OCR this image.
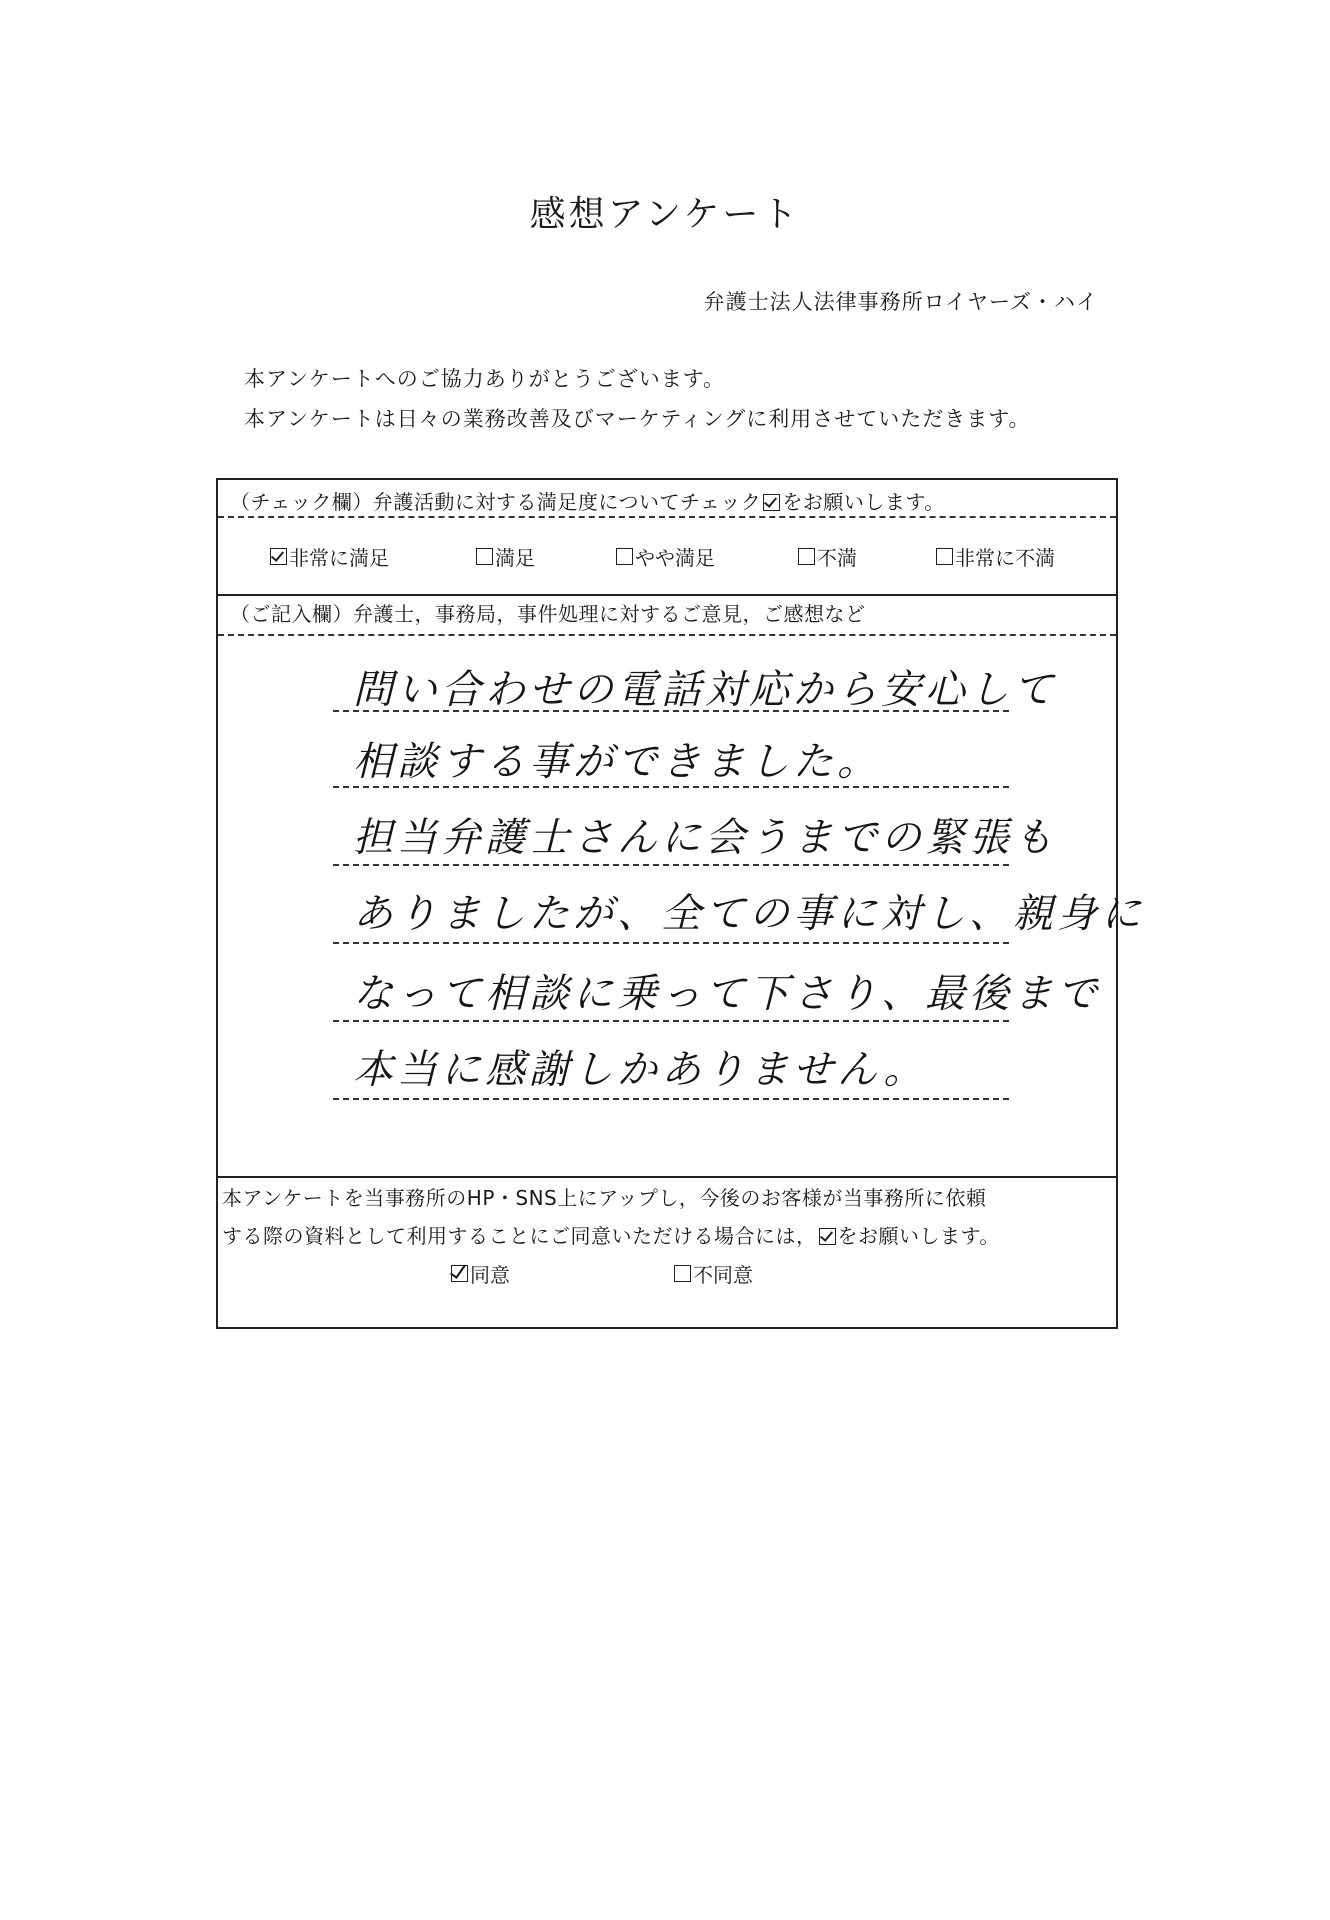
感想アンケート
弁護士法人法律事務所ロイヤーズ・ハイ
本アンケートへのご協力ありがとうございます。
本アンケートは日々の業務改善及びマーケティングに利用させていただきます。
（チェック欄）弁護活動に対する満足度についてチェック をお願いします。
非常に満足	満足	やや満足	不満	非常に不満
（ご記入欄）弁護士，事務局，事件処理に対するご意見，ご感想など
問い合わせの電話対応から安心して
相談する事ができました。
担当弁護士さんに会うまでの緊張も
ありましたが、全ての事に対し、親身に
なって相談に乗って下さり、最後まで
本当に感謝しかありません。
本アンケートを当事務所のHP・SNS上にアップし，今後のお客様が当事務所に依頼
する際の資料として利用することにご同意いただける場合には， をお願いします。
同意	不同意
